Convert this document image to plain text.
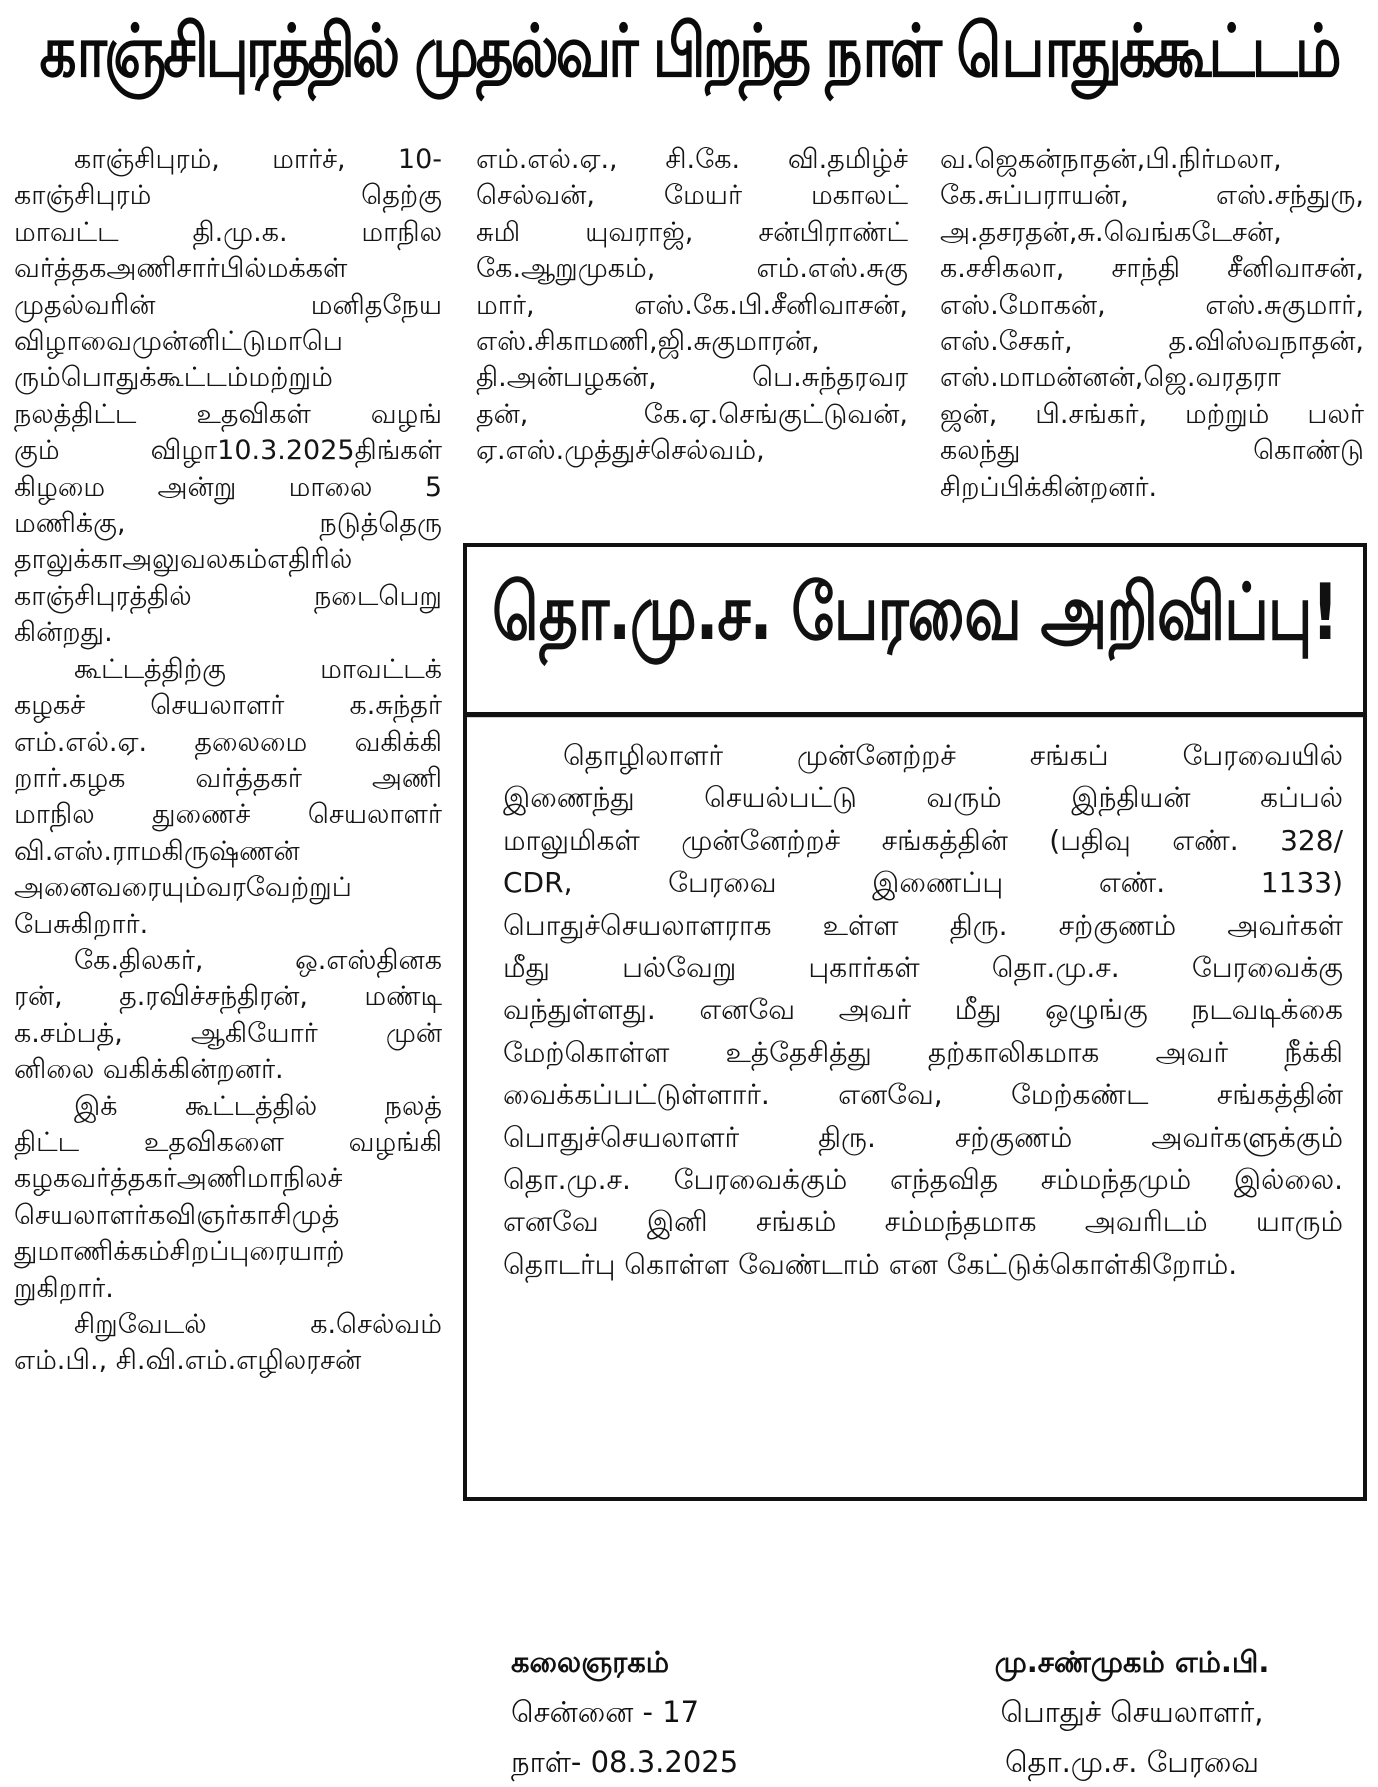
காஞ்சிபுரத்தில் முதல்வர் பிறந்த நாள் பொதுக்கூட்டம்
காஞ்சிபுரம், மார்ச், 10-
காஞ்சிபுரம் தெற்கு
மாவட்ட தி.மு.க. மாநில
வர்த்தகஅணிசார்பில்மக்கள்
முதல்வரின் மனிதநேய
விழாவைமுன்னிட்டுமாபெ
ரும்பொதுக்கூட்டம்மற்றும்
நலத்திட்ட உதவிகள் வழங்
கும் விழா10.3.2025திங்கள்
கிழமை அன்று மாலை 5
மணிக்கு, நடுத்தெரு
தாலுக்காஅலுவலகம்எதிரில்
காஞ்சிபுரத்தில் நடைபெறு
கின்றது.
கூட்டத்திற்கு மாவட்டக்
கழகச் செயலாளர் க.சுந்தர்
எம்.எல்.ஏ. தலைமை வகிக்கி
றார்.கழக வர்த்தகர் அணி
மாநில துணைச் செயலாளர்
வி.எஸ்.ராமகிருஷ்ணன்
அனைவரையும்வரவேற்றுப்
பேசுகிறார்.
கே.திலகர், ஒ.எஸ்தினக
ரன், த.ரவிச்சந்திரன், மண்டி
க.சம்பத், ஆகியோர் முன்
னிலை வகிக்கின்றனர்.
இக் கூட்டத்தில் நலத்
திட்ட உதவிகளை வழங்கி
கழகவர்த்தகர்அணிமாநிலச்
செயலாளர்கவிஞர்காசிமுத்
துமாணிக்கம்சிறப்புரையாற்
றுகிறார்.
சிறுவேடல் க.செல்வம்
எம்.பி., சி.வி.எம்.எழிலரசன்
எம்.எல்.ஏ., சி.கே. வி.தமிழ்ச்
செல்வன், மேயர் மகாலட்
சுமி யுவராஜ், சன்பிராண்ட்
கே.ஆறுமுகம், எம்.எஸ்.சுகு
மார், எஸ்.கே.பி.சீனிவாசன்,
எஸ்.சிகாமணி,ஜி.சுகுமாரன்,
தி.அன்பழகன், பெ.சுந்தரவர
தன், கே.ஏ.செங்குட்டுவன்,
ஏ.எஸ்.முத்துச்செல்வம்,
வ.ஜெகன்நாதன்,பி.நிர்மலா,
கே.சுப்பராயன், எஸ்.சந்துரு,
அ.தசரதன்,சு.வெங்கடேசன்,
க.சசிகலா, சாந்தி சீனிவாசன்,
எஸ்.மோகன், எஸ்.சுகுமார்,
எஸ்.சேகர், த.விஸ்வநாதன்,
எஸ்.மாமன்னன்,ஜெ.வரதரா
ஜன், பி.சங்கர், மற்றும் பலர்
கலந்து கொண்டு
சிறப்பிக்கின்றனர்.
தொ.மு.ச. பேரவை அறிவிப்பு!
தொழிலாளர் முன்னேற்றச் சங்கப் பேரவையில்
இணைந்து செயல்பட்டு வரும் இந்தியன் கப்பல்
மாலுமிகள் முன்னேற்றச் சங்கத்தின் (பதிவு எண். 328/
CDR, பேரவை இணைப்பு எண். 1133)
பொதுச்செயலாளராக உள்ள திரு. சற்குணம் அவர்கள்
மீது பல்வேறு புகார்கள் தொ.மு.ச. பேரவைக்கு
வந்துள்ளது. எனவே அவர் மீது ஒழுங்கு நடவடிக்கை
மேற்கொள்ள உத்தேசித்து தற்காலிகமாக அவர் நீக்கி
வைக்கப்பட்டுள்ளார். எனவே, மேற்கண்ட சங்கத்தின்
பொதுச்செயலாளர் திரு. சற்குணம் அவர்களுக்கும்
தொ.மு.ச. பேரவைக்கும் எந்தவித சம்மந்தமும் இல்லை.
எனவே இனி சங்கம் சம்மந்தமாக அவரிடம் யாரும்
தொடர்பு கொள்ள வேண்டாம் என கேட்டுக்கொள்கிறோம்.
கலைஞரகம்
சென்னை - 17
நாள்- 08.3.2025
மு.சண்முகம் எம்.பி.
பொதுச் செயலாளர்,
தொ.மு.ச. பேரவை
